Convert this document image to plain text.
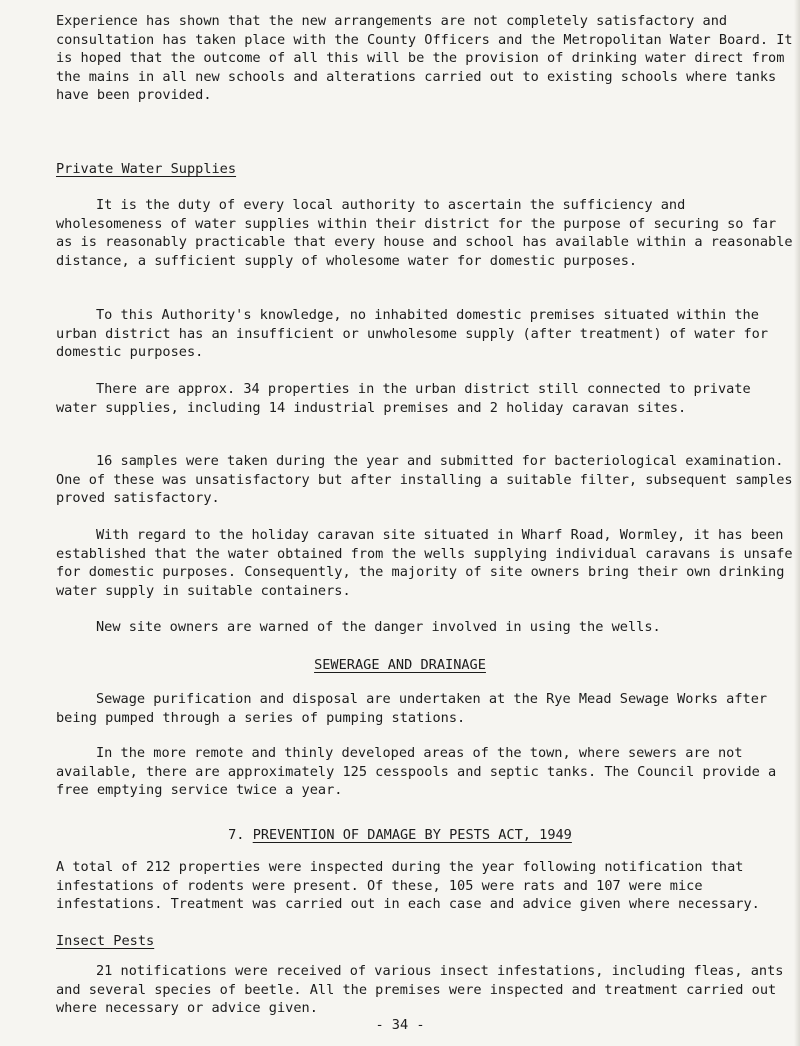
Experience has shown that the new arrangements are not completely satisfactory and consultation has taken place with the County Officers and the Metropolitan Water Board. It is hoped that the outcome of all this will be the provision of drinking water direct from the mains in all new schools and alterations carried out to existing schools where tanks have been provided.

Private Water Supplies

It is the duty of every local authority to ascertain the sufficiency and wholesomeness of water supplies within their district for the purpose of securing so far as is reasonably practicable that every house and school has available within a reasonable distance, a sufficient supply of wholesome water for domestic purposes.

To this Authority's knowledge, no inhabited domestic premises situated within the urban district has an insufficient or unwholesome supply (after treatment) of water for domestic purposes.

There are approx. 34 properties in the urban district still connected to private water supplies, including 14 industrial premises and 2 holiday caravan sites.

16 samples were taken during the year and submitted for bacteriological examination. One of these was unsatisfactory but after installing a suitable filter, subsequent samples proved satisfactory.

With regard to the holiday caravan site situated in Wharf Road, Wormley, it has been established that the water obtained from the wells supplying individual caravans is unsafe for domestic purposes. Consequently, the majority of site owners bring their own drinking water supply in suitable containers.

New site owners are warned of the danger involved in using the wells.

SEWERAGE AND DRAINAGE

Sewage purification and disposal are undertaken at the Rye Mead Sewage Works after being pumped through a series of pumping stations.

In the more remote and thinly developed areas of the town, where sewers are not available, there are approximately 125 cesspools and septic tanks. The Council provide a free emptying service twice a year.

7. PREVENTION OF DAMAGE BY PESTS ACT, 1949

A total of 212 properties were inspected during the year following notification that infestations of rodents were present. Of these, 105 were rats and 107 were mice infestations. Treatment was carried out in each case and advice given where necessary.

Insect Pests

21 notifications were received of various insect infestations, including fleas, ants and several species of beetle. All the premises were inspected and treatment carried out where necessary or advice given.

- 34 -
